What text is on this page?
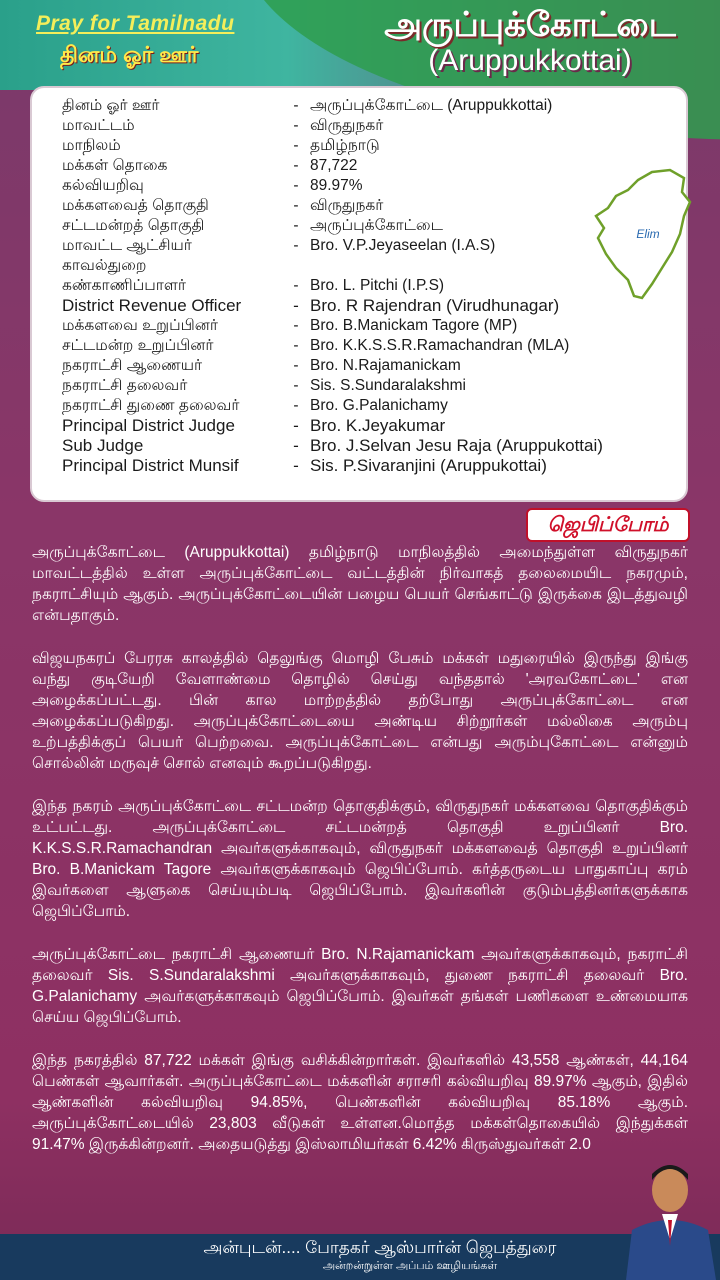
Pray for Tamilnadu
தினம் ஓர் ஊர்
அருப்புக்கோட்டை
(Aruppukkottai)
தினம் ஓர் ஊர்	- அருப்புக்கோட்டை (Aruppukkottai)
மாவட்டம்	- விருதுநகர்
மாநிலம்	- தமிழ்நாடு
மக்கள் தொகை	- 87,722
கல்வியறிவு	- 89.97%
மக்களவைத் தொகுதி	- விருதுநகர்
சட்டமன்றத் தொகுதி	- அருப்புக்கோட்டை
மாவட்ட ஆட்சியர்	- Bro. V.P.Jeyaseelan (I.A.S)
காவல்துறை
கண்காணிப்பாளர்	- Bro. L. Pitchi (I.P.S)
District Revenue Officer	- Bro. R Rajendran (Virudhunagar)
மக்களவை உறுப்பினர்	- Bro. B.Manickam Tagore (MP)
சட்டமன்ற உறுப்பினர்	- Bro. K.K.S.S.R.Ramachandran (MLA)
நகராட்சி ஆணையர்	- Bro. N.Rajamanickam
நகராட்சி தலைவர்	- Sis. S.Sundaralakshmi
நகராட்சி துணை தலைவர்	- Bro. G.Palanichamy
Principal District Judge	- Bro. K.Jeyakumar
Sub Judge	- Bro. J.Selvan Jesu Raja (Aruppukottai)
Principal District Munsif	- Sis. P.Sivaranjini (Aruppukottai)
Elim
ஜெபிப்போம்

அருப்புக்கோட்டை (Aruppukkottai) தமிழ்நாடு மாநிலத்தில் அமைந்துள்ள விருதுநகர் மாவட்டத்தில் உள்ள அருப்புக்கோட்டை வட்டத்தின் நிர்வாகத் தலைமையிட நகரமும், நகராட்சியும் ஆகும். அருப்புக்கோட்டையின் பழைய பெயர் செங்காட்டு இருக்கை இடத்துவழி என்பதாகும்.

விஜயநகரப் பேரரசு காலத்தில் தெலுங்கு மொழி பேசும் மக்கள் மதுரையில் இருந்து இங்கு வந்து குடியேறி வேளாண்மை தொழில் செய்து வந்ததால் 'அரவகோட்டை' என அழைக்கப்பட்டது. பின் கால மாற்றத்தில் தற்போது அருப்புக்கோட்டை என அழைக்கப்படுகிறது. அருப்புக்கோட்டையை அண்டிய சிற்றூர்கள் மல்லிகை அரும்பு உற்பத்திக்குப் பெயர் பெற்றவை. அருப்புக்கோட்டை என்பது அரும்புகோட்டை என்னும் சொல்லின் மருவுச் சொல் எனவும் கூறப்படுகிறது.

இந்த நகரம் அருப்புக்கோட்டை சட்டமன்ற தொகுதிக்கும், விருதுநகர் மக்களவை தொகுதிக்கும் உட்பட்டது. அருப்புக்கோட்டை சட்டமன்றத் தொகுதி உறுப்பினர் Bro. K.K.S.S.R.Ramachandran அவர்களுக்காகவும், விருதுநகர் மக்களவைத் தொகுதி உறுப்பினர் Bro. B.Manickam Tagore அவர்களுக்காகவும் ஜெபிப்போம். கர்த்தருடைய பாதுகாப்பு கரம் இவர்களை ஆளுகை செய்யும்படி ஜெபிப்போம். இவர்களின் குடும்பத்தினர்களுக்காக ஜெபிப்போம்.

அருப்புக்கோட்டை நகராட்சி ஆணையர் Bro. N.Rajamanickam அவர்களுக்காகவும், நகராட்சி தலைவர் Sis. S.Sundaralakshmi அவர்களுக்காகவும், துணை நகராட்சி தலைவர் Bro. G.Palanichamy அவர்களுக்காகவும் ஜெபிப்போம். இவர்கள் தங்கள் பணிகளை உண்மையாக செய்ய ஜெபிப்போம்.

இந்த நகரத்தில் 87,722 மக்கள் இங்கு வசிக்கின்றார்கள். இவர்களில் 43,558 ஆண்கள், 44,164 பெண்கள் ஆவார்கள். அருப்புக்கோட்டை மக்களின் சராசரி கல்வியறிவு 89.97% ஆகும், இதில் ஆண்களின் கல்வியறிவு 94.85%, பெண்களின் கல்வியறிவு 85.18% ஆகும். அருப்புக்கோட்டையில் 23,803 வீடுகள் உள்ளன.மொத்த மக்கள்தொகையில் இந்துக்கள் 91.47% இருக்கின்றனர். அதையடுத்து இஸ்லாமியர்கள் 6.42% கிருஸ்துவர்கள் 2.0

அன்புடன்.... போதகர் ஆஸ்பார்ன் ஜெபத்துரை
அன்றன்றுள்ள அப்பம் ஊழியங்கள்
